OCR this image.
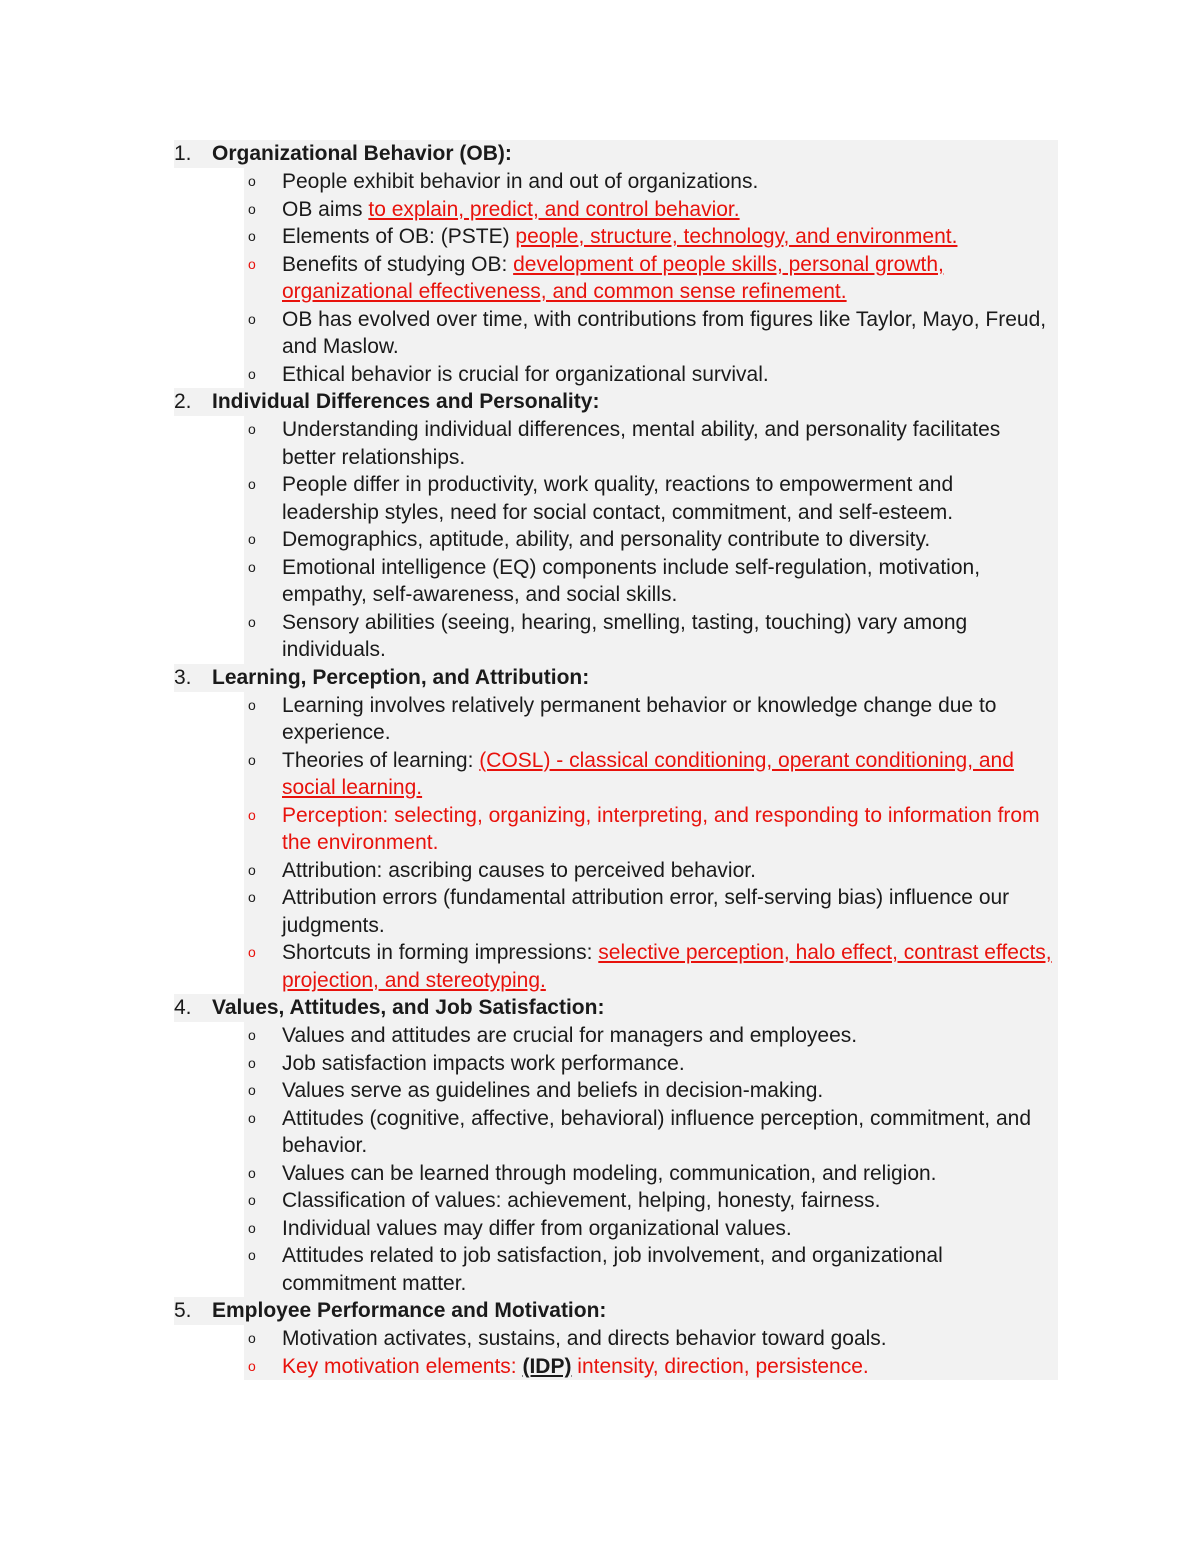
1. Organizational Behavior (OB):
o	People exhibit behavior in and out of organizations.
o	OB aims to explain, predict, and control behavior.
o	Elements of OB: (PSTE) people, structure, technology, and environment.
o	Benefits of studying OB: development of people skills, personal growth, organizational effectiveness, and common sense refinement.
o	OB has evolved over time, with contributions from figures like Taylor, Mayo, Freud, and Maslow.
o	Ethical behavior is crucial for organizational survival.
2. Individual Differences and Personality:
o	Understanding individual differences, mental ability, and personality facilitates better relationships.
o	People differ in productivity, work quality, reactions to empowerment and leadership styles, need for social contact, commitment, and self-esteem.
o	Demographics, aptitude, ability, and personality contribute to diversity.
o	Emotional intelligence (EQ) components include self-regulation, motivation, empathy, self-awareness, and social skills.
o	Sensory abilities (seeing, hearing, smelling, tasting, touching) vary among individuals.
3. Learning, Perception, and Attribution:
o	Learning involves relatively permanent behavior or knowledge change due to experience.
o	Theories of learning: (COSL) - classical conditioning, operant conditioning, and social learning.
o	Perception: selecting, organizing, interpreting, and responding to information from the environment.
o	Attribution: ascribing causes to perceived behavior.
o	Attribution errors (fundamental attribution error, self-serving bias) influence our judgments.
o	Shortcuts in forming impressions: selective perception, halo effect, contrast effects, projection, and stereotyping.
4. Values, Attitudes, and Job Satisfaction:
o	Values and attitudes are crucial for managers and employees.
o	Job satisfaction impacts work performance.
o	Values serve as guidelines and beliefs in decision-making.
o	Attitudes (cognitive, affective, behavioral) influence perception, commitment, and behavior.
o	Values can be learned through modeling, communication, and religion.
o	Classification of values: achievement, helping, honesty, fairness.
o	Individual values may differ from organizational values.
o	Attitudes related to job satisfaction, job involvement, and organizational commitment matter.
5. Employee Performance and Motivation:
o	Motivation activates, sustains, and directs behavior toward goals.
o	Key motivation elements: (IDP) intensity, direction, persistence.
